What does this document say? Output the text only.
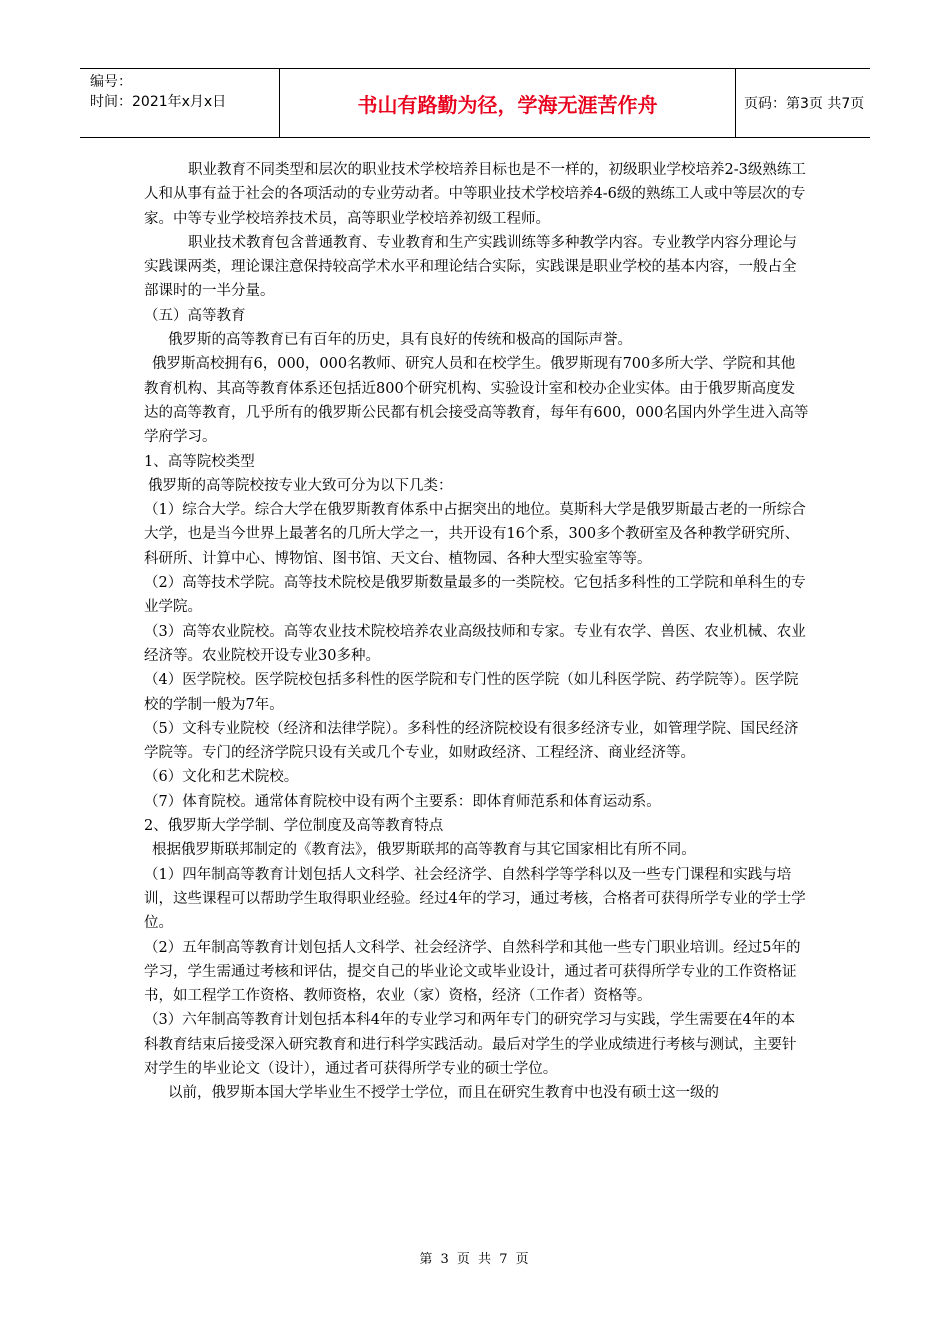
编号：
时间：2021年x月x日	书山有路勤为径，学海无涯苦作舟	页码：第3页 共7页

职业教育不同类型和层次的职业技术学校培养目标也是不一样的，初级职业学校培养2-3级熟练工人和从事有益于社会的各项活动的专业劳动者。中等职业技术学校培养4-6级的熟练工人或中等层次的专家。中等专业学校培养技术员，高等职业学校培养初级工程师。

职业技术教育包含普通教育、专业教育和生产实践训练等多种教学内容。专业教学内容分理论与实践课两类，理论课注意保持较高学术水平和理论结合实际，实践课是职业学校的基本内容，一般占全部课时的一半分量。

（五）高等教育

俄罗斯的高等教育已有百年的历史，具有良好的传统和极高的国际声誉。

俄罗斯高校拥有6，000，000名教师、研究人员和在校学生。俄罗斯现有700多所大学、学院和其他教育机构、其高等教育体系还包括近800个研究机构、实验设计室和校办企业实体。由于俄罗斯高度发达的高等教育，几乎所有的俄罗斯公民都有机会接受高等教育，每年有600，000名国内外学生进入高等学府学习。

1、高等院校类型

俄罗斯的高等院校按专业大致可分为以下几类：

（1）综合大学。综合大学在俄罗斯教育体系中占据突出的地位。莫斯科大学是俄罗斯最古老的一所综合大学，也是当今世界上最著名的几所大学之一，共开设有16个系，300多个教研室及各种教学研究所、科研所、计算中心、博物馆、图书馆、天文台、植物园、各种大型实验室等等。

（2）高等技术学院。高等技术院校是俄罗斯数量最多的一类院校。它包括多科性的工学院和单科生的专业学院。

（3）高等农业院校。高等农业技术院校培养农业高级技师和专家。专业有农学、兽医、农业机械、农业经济等。农业院校开设专业30多种。

（4）医学院校。医学院校包括多科性的医学院和专门性的医学院（如儿科医学院、药学院等）。医学院校的学制一般为7年。

（5）文科专业院校（经济和法律学院）。多科性的经济院校设有很多经济专业，如管理学院、国民经济学院等。专门的经济学院只设有关或几个专业，如财政经济、工程经济、商业经济等。

（6）文化和艺术院校。

（7）体育院校。通常体育院校中设有两个主要系：即体育师范系和体育运动系。

2、俄罗斯大学学制、学位制度及高等教育特点

根据俄罗斯联邦制定的《教育法》，俄罗斯联邦的高等教育与其它国家相比有所不同。

（1）四年制高等教育计划包括人文科学、社会经济学、自然科学等学科以及一些专门课程和实践与培训，这些课程可以帮助学生取得职业经验。经过4年的学习，通过考核，合格者可获得所学专业的学士学位。

（2）五年制高等教育计划包括人文科学、社会经济学、自然科学和其他一些专门职业培训。经过5年的学习，学生需通过考核和评估，提交自己的毕业论文或毕业设计，通过者可获得所学专业的工作资格证书，如工程学工作资格、教师资格，农业（家）资格，经济（工作者）资格等。

（3）六年制高等教育计划包括本科4年的专业学习和两年专门的研究学习与实践，学生需要在4年的本科教育结束后接受深入研究教育和进行科学实践活动。最后对学生的学业成绩进行考核与测试，主要针对学生的毕业论文（设计），通过者可获得所学专业的硕士学位。

以前，俄罗斯本国大学毕业生不授学士学位，而且在研究生教育中也没有硕士这一级的

第 3 页 共 7 页
